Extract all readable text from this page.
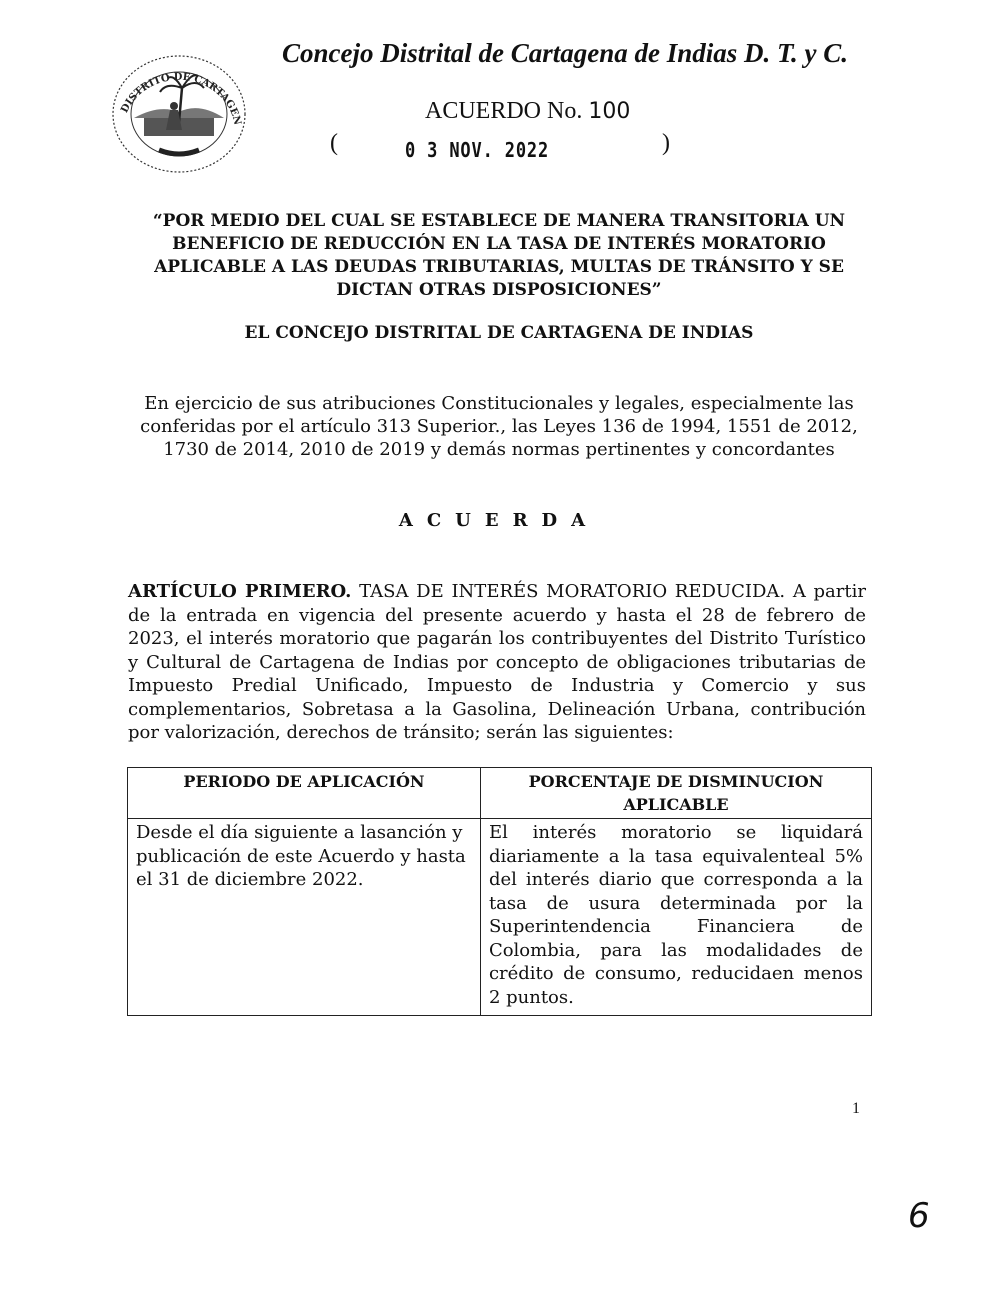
DISTRITO DE CARTAGEN
Concejo Distrital de Cartagena de Indias D. T. y C.
ACUERDO No. 100
(	0 3 NOV. 2022	)
“POR MEDIO DEL CUAL SE ESTABLECE DE MANERA TRANSITORIA UN BENEFICIO DE REDUCCIÓN EN LA TASA DE INTERÉS MORATORIO APLICABLE A LAS DEUDAS TRIBUTARIAS, MULTAS DE TRÁNSITO Y SE DICTAN OTRAS DISPOSICIONES”
EL CONCEJO DISTRITAL DE CARTAGENA DE INDIAS
En ejercicio de sus atribuciones Constitucionales y legales, especialmente las conferidas por el artículo 313 Superior., las Leyes 136 de 1994, 1551 de 2012, 1730 de 2014, 2010 de 2019 y demás normas pertinentes y concordantes
ACUERDA
ARTÍCULO PRIMERO. TASA DE INTERÉS MORATORIO REDUCIDA. A partir de la entrada en vigencia del presente acuerdo y hasta el 28 de febrero de 2023, el interés moratorio que pagarán los contribuyentes del Distrito Turístico y Cultural de Cartagena de Indias por concepto de obligaciones tributarias de Impuesto Predial Unificado, Impuesto de Industria y Comercio y sus complementarios, Sobretasa a la Gasolina, Delineación Urbana, contribución por valorización, derechos de tránsito; serán las siguientes:
PERIODO DE APLICACIÓN	PORCENTAJE DE DISMINUCION APLICABLE
Desde el día siguiente a lasanción y publicación de este Acuerdo y hasta el 31 de diciembre 2022.	El interés moratorio se liquidará diariamente a la tasa equivalenteal 5% del interés diario que corresponda a la tasa de usura determinada por la Superintendencia Financiera de Colombia, para las modalidades de crédito de consumo, reducidaen menos 2 puntos.
1
6
